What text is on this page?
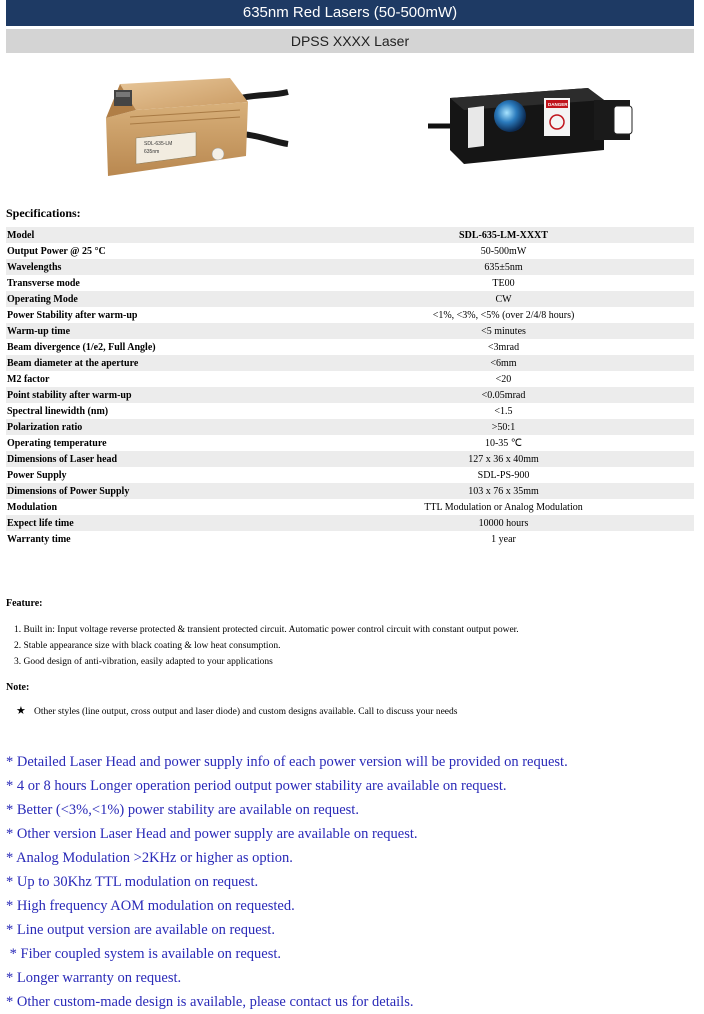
635nm Red Lasers (50-500mW)
DPSS XXXX Laser
SDL-635-LM
635nm
DANGER
Specifications:
Model	SDL-635-LM-XXXT
Output Power @ 25 °C	50-500mW
Wavelengths	635±5nm
Transverse mode	TE00
Operating Mode	CW
Power Stability after warm-up	<1%, <3%, <5% (over 2/4/8 hours)
Warm-up time	<5 minutes
Beam divergence (1/e2, Full Angle)	<3mrad
Beam diameter at the aperture	<6mm
M2 factor	<20
Point stability after warm-up	<0.05mrad
Spectral linewidth (nm)	<1.5
Polarization ratio	>50:1
Operating temperature	10-35 ℃
Dimensions of Laser head	127 x 36 x 40mm
Power Supply	SDL-PS-900
Dimensions of Power Supply	103 x 76 x 35mm
Modulation	TTL Modulation or Analog Modulation
Expect life time	10000 hours
Warranty time	1 year
Feature:
1. Built in: Input voltage reverse protected & transient protected circuit. Automatic power control circuit with constant output power.
2. Stable appearance size with black coating & low heat consumption.
3. Good design of anti-vibration, easily adapted to your applications
Note:
★ Other styles (line output, cross output and laser diode) and custom designs available. Call to discuss your needs
* Detailed Laser Head and power supply info of each power version will be provided on request.
* 4 or 8 hours Longer operation period output power stability are available on request.
* Better (<3%,<1%) power stability are available on request.
* Other version Laser Head and power supply are available on request.
* Analog Modulation >2KHz or higher as option.
* Up to 30Khz TTL modulation on request.
* High frequency AOM modulation on requested.
* Line output version are available on request.
* Fiber coupled system is available on request.
* Longer warranty on request.
* Other custom-made design is available, please contact us for details.
